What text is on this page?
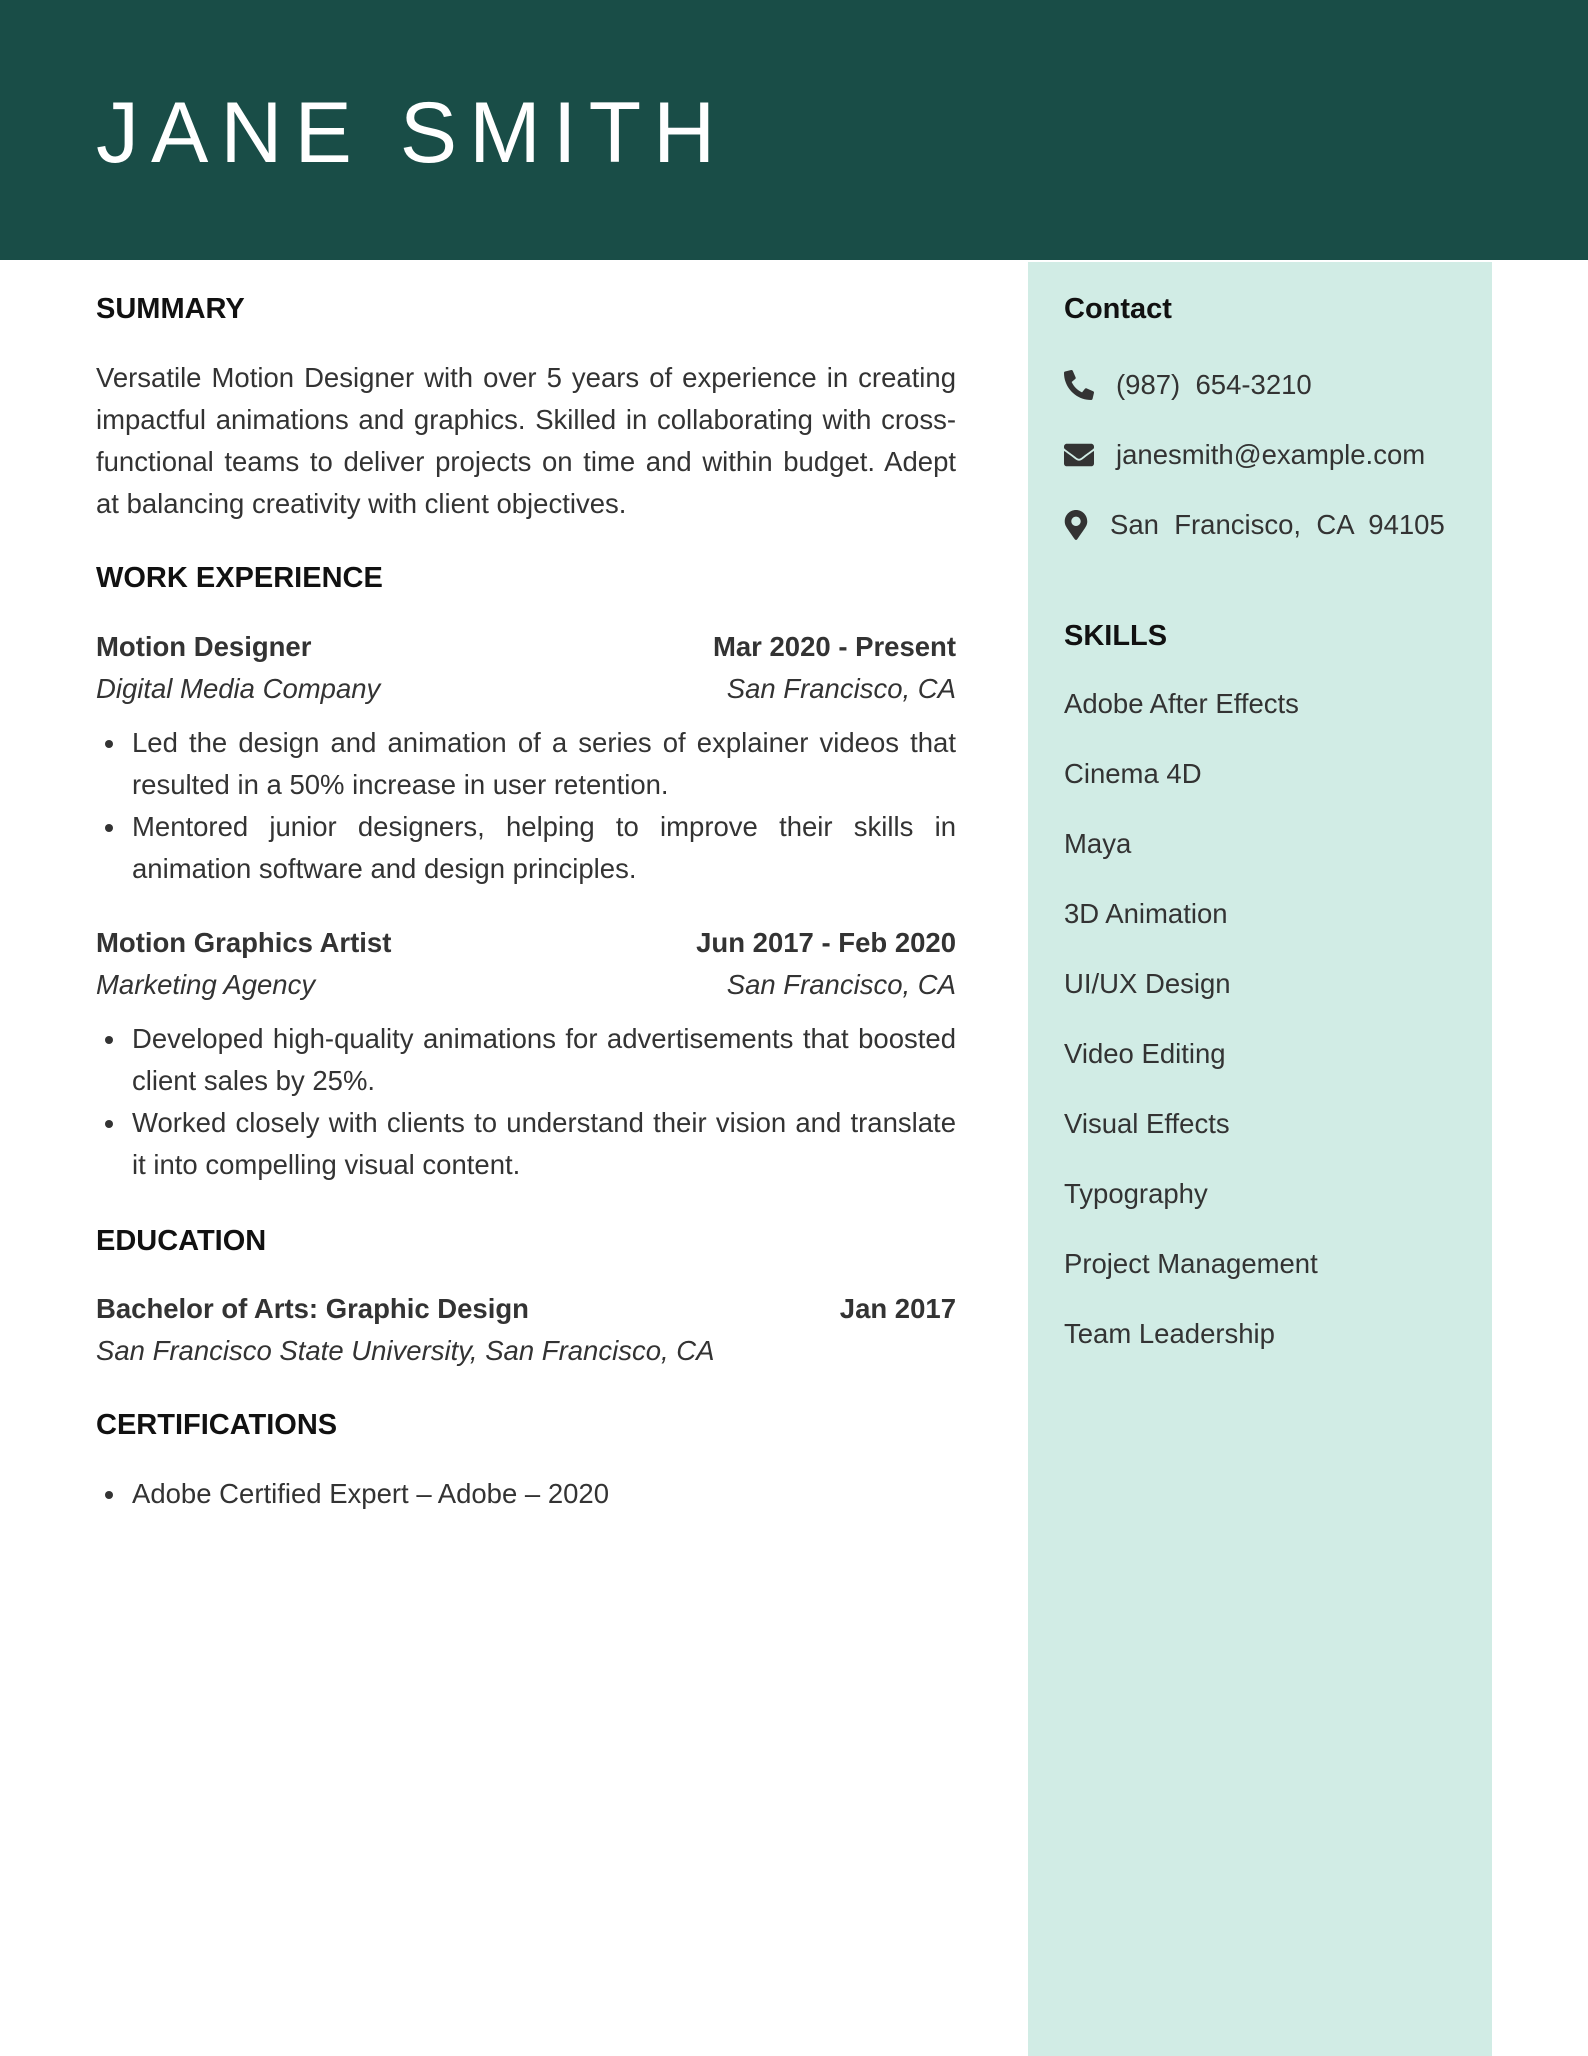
JANE SMITH
Contact
(987)  654-3210
janesmith@example.com
San  Francisco,  CA  94105
SKILLS
Adobe After Effects
Cinema 4D
Maya
3D Animation
UI/UX Design
Video Editing
Visual Effects
Typography
Project Management
Team Leadership
SUMMARY
Versatile Motion Designer with over 5 years of experience in creating impactful animations and graphics. Skilled in collaborating with cross-functional teams to deliver projects on time and within budget. Adept at balancing creativity with client objectives.
WORK EXPERIENCE
Motion Designer	Mar 2020 - Present
Digital Media Company	San Francisco, CA
Led the design and animation of a series of explainer videos that resulted in a 50% increase in user retention.
Mentored junior designers, helping to improve their skills in animation software and design principles.
Motion Graphics Artist	Jun 2017 - Feb 2020
Marketing Agency	San Francisco, CA
Developed high-quality animations for advertisements that boosted client sales by 25%.
Worked closely with clients to understand their vision and translate it into compelling visual content.
EDUCATION
Bachelor of Arts: Graphic Design	Jan 2017
San Francisco State University, San Francisco, CA
CERTIFICATIONS
Adobe Certified Expert – Adobe – 2020
